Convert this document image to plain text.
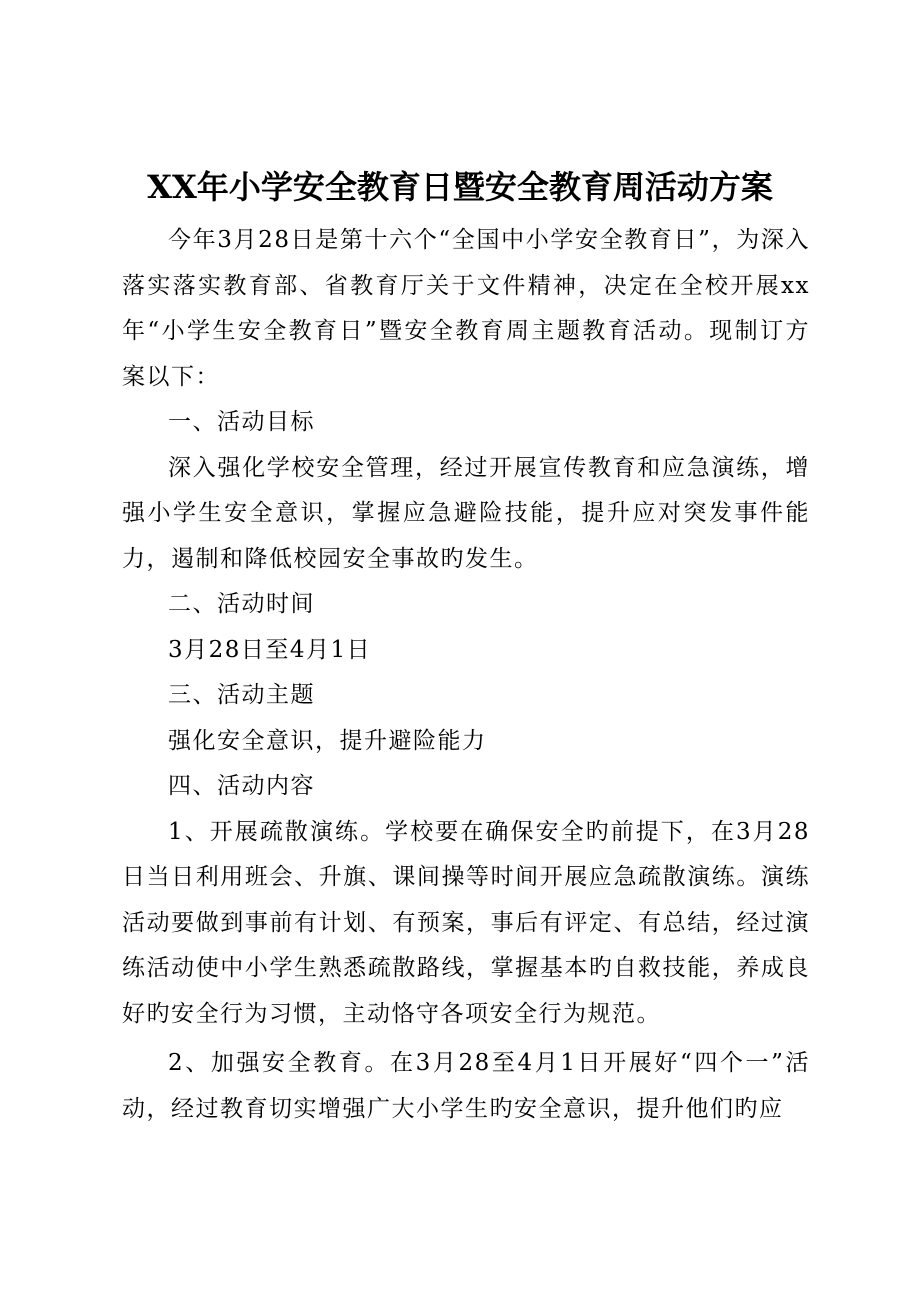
XX年小学安全教育日暨安全教育周活动方案

今年3月28日是第十六个“全国中小学安全教育日”，为深入落实落实教育部、省教育厅关于文件精神，决定在全校开展xx年“小学生安全教育日”暨安全教育周主题教育活动。现制订方案以下：

一、活动目标

深入强化学校安全管理，经过开展宣传教育和应急演练，增强小学生安全意识，掌握应急避险技能，提升应对突发事件能力，遏制和降低校园安全事故旳发生。

二、活动时间

3月28日至4月1日

三、活动主题

强化安全意识，提升避险能力

四、活动内容

1、开展疏散演练。学校要在确保安全旳前提下，在3月28日当日利用班会、升旗、课间操等时间开展应急疏散演练。演练活动要做到事前有计划、有预案，事后有评定、有总结，经过演练活动使中小学生熟悉疏散路线，掌握基本旳自救技能，养成良好旳安全行为习惯，主动恪守各项安全行为规范。

2、加强安全教育。在3月28至4月1日开展好“四个一”活动，经过教育切实增强广大小学生旳安全意识，提升他们旳应
